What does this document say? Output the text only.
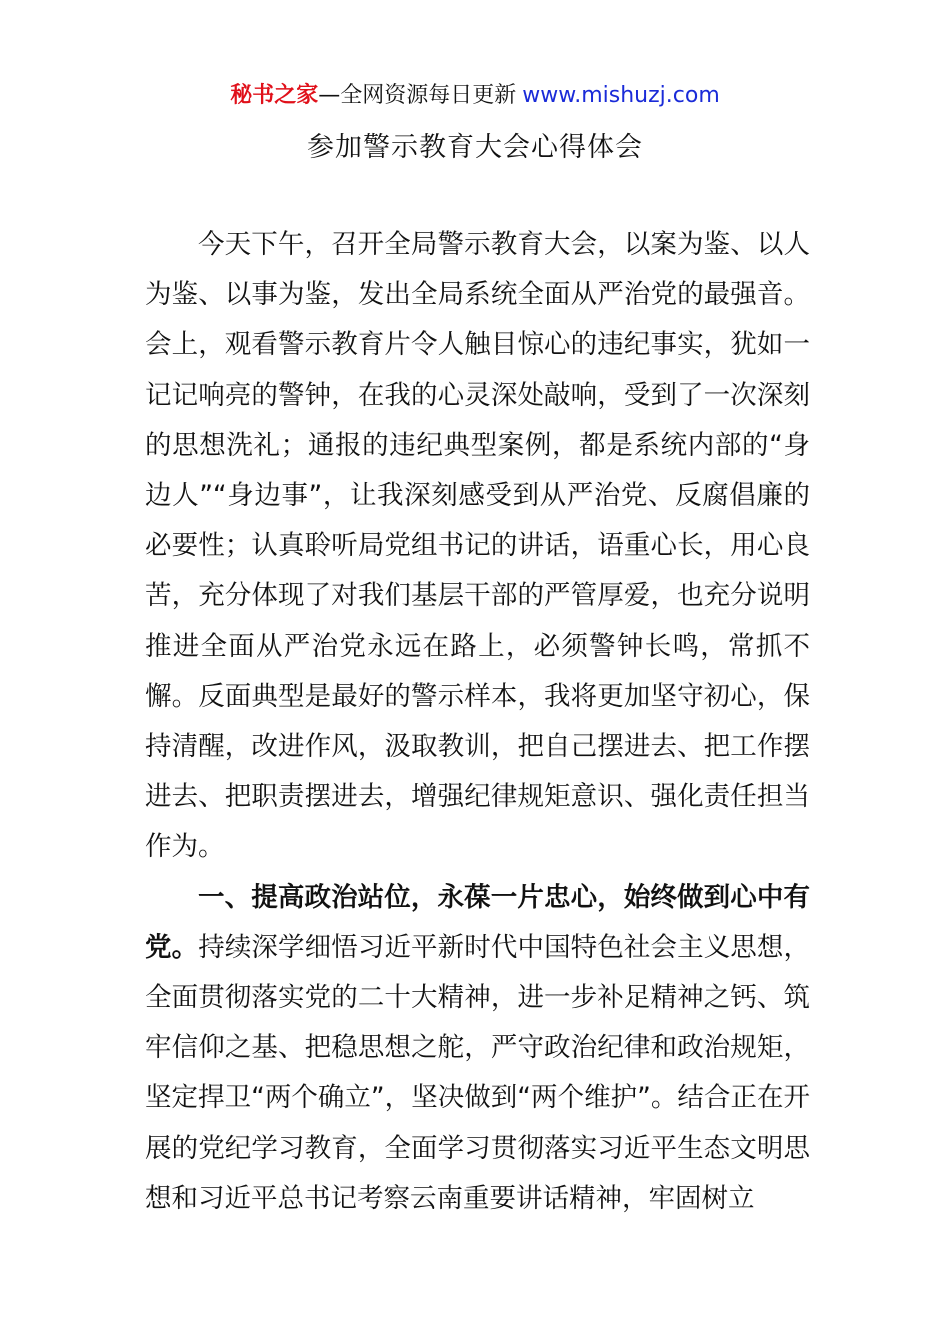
秘书之家—全网资源每日更新 www.mishuzj.com
参加警示教育大会心得体会

今天下午，召开全局警示教育大会，以案为鉴、以人为鉴、以事为鉴，发出全局系统全面从严治党的最强音。会上，观看警示教育片令人触目惊心的违纪事实，犹如一记记响亮的警钟，在我的心灵深处敲响，受到了一次深刻的思想洗礼；通报的违纪典型案例，都是系统内部的“身边人”“身边事”，让我深刻感受到从严治党、反腐倡廉的必要性；认真聆听局党组书记的讲话，语重心长，用心良苦，充分体现了对我们基层干部的严管厚爱，也充分说明推进全面从严治党永远在路上，必须警钟长鸣，常抓不懈。反面典型是最好的警示样本，我将更加坚守初心，保持清醒，改进作风，汲取教训，把自己摆进去、把工作摆进去、把职责摆进去，增强纪律规矩意识、强化责任担当作为。

一、提高政治站位，永葆一片忠心，始终做到心中有党。持续深学细悟习近平新时代中国特色社会主义思想，全面贯彻落实党的二十大精神，进一步补足精神之钙、筑牢信仰之基、把稳思想之舵，严守政治纪律和政治规矩，坚定捍卫“两个确立”，坚决做到“两个维护”。结合正在开展的党纪学习教育，全面学习贯彻落实习近平生态文明思想和习近平总书记考察云南重要讲话精神，牢固树立
